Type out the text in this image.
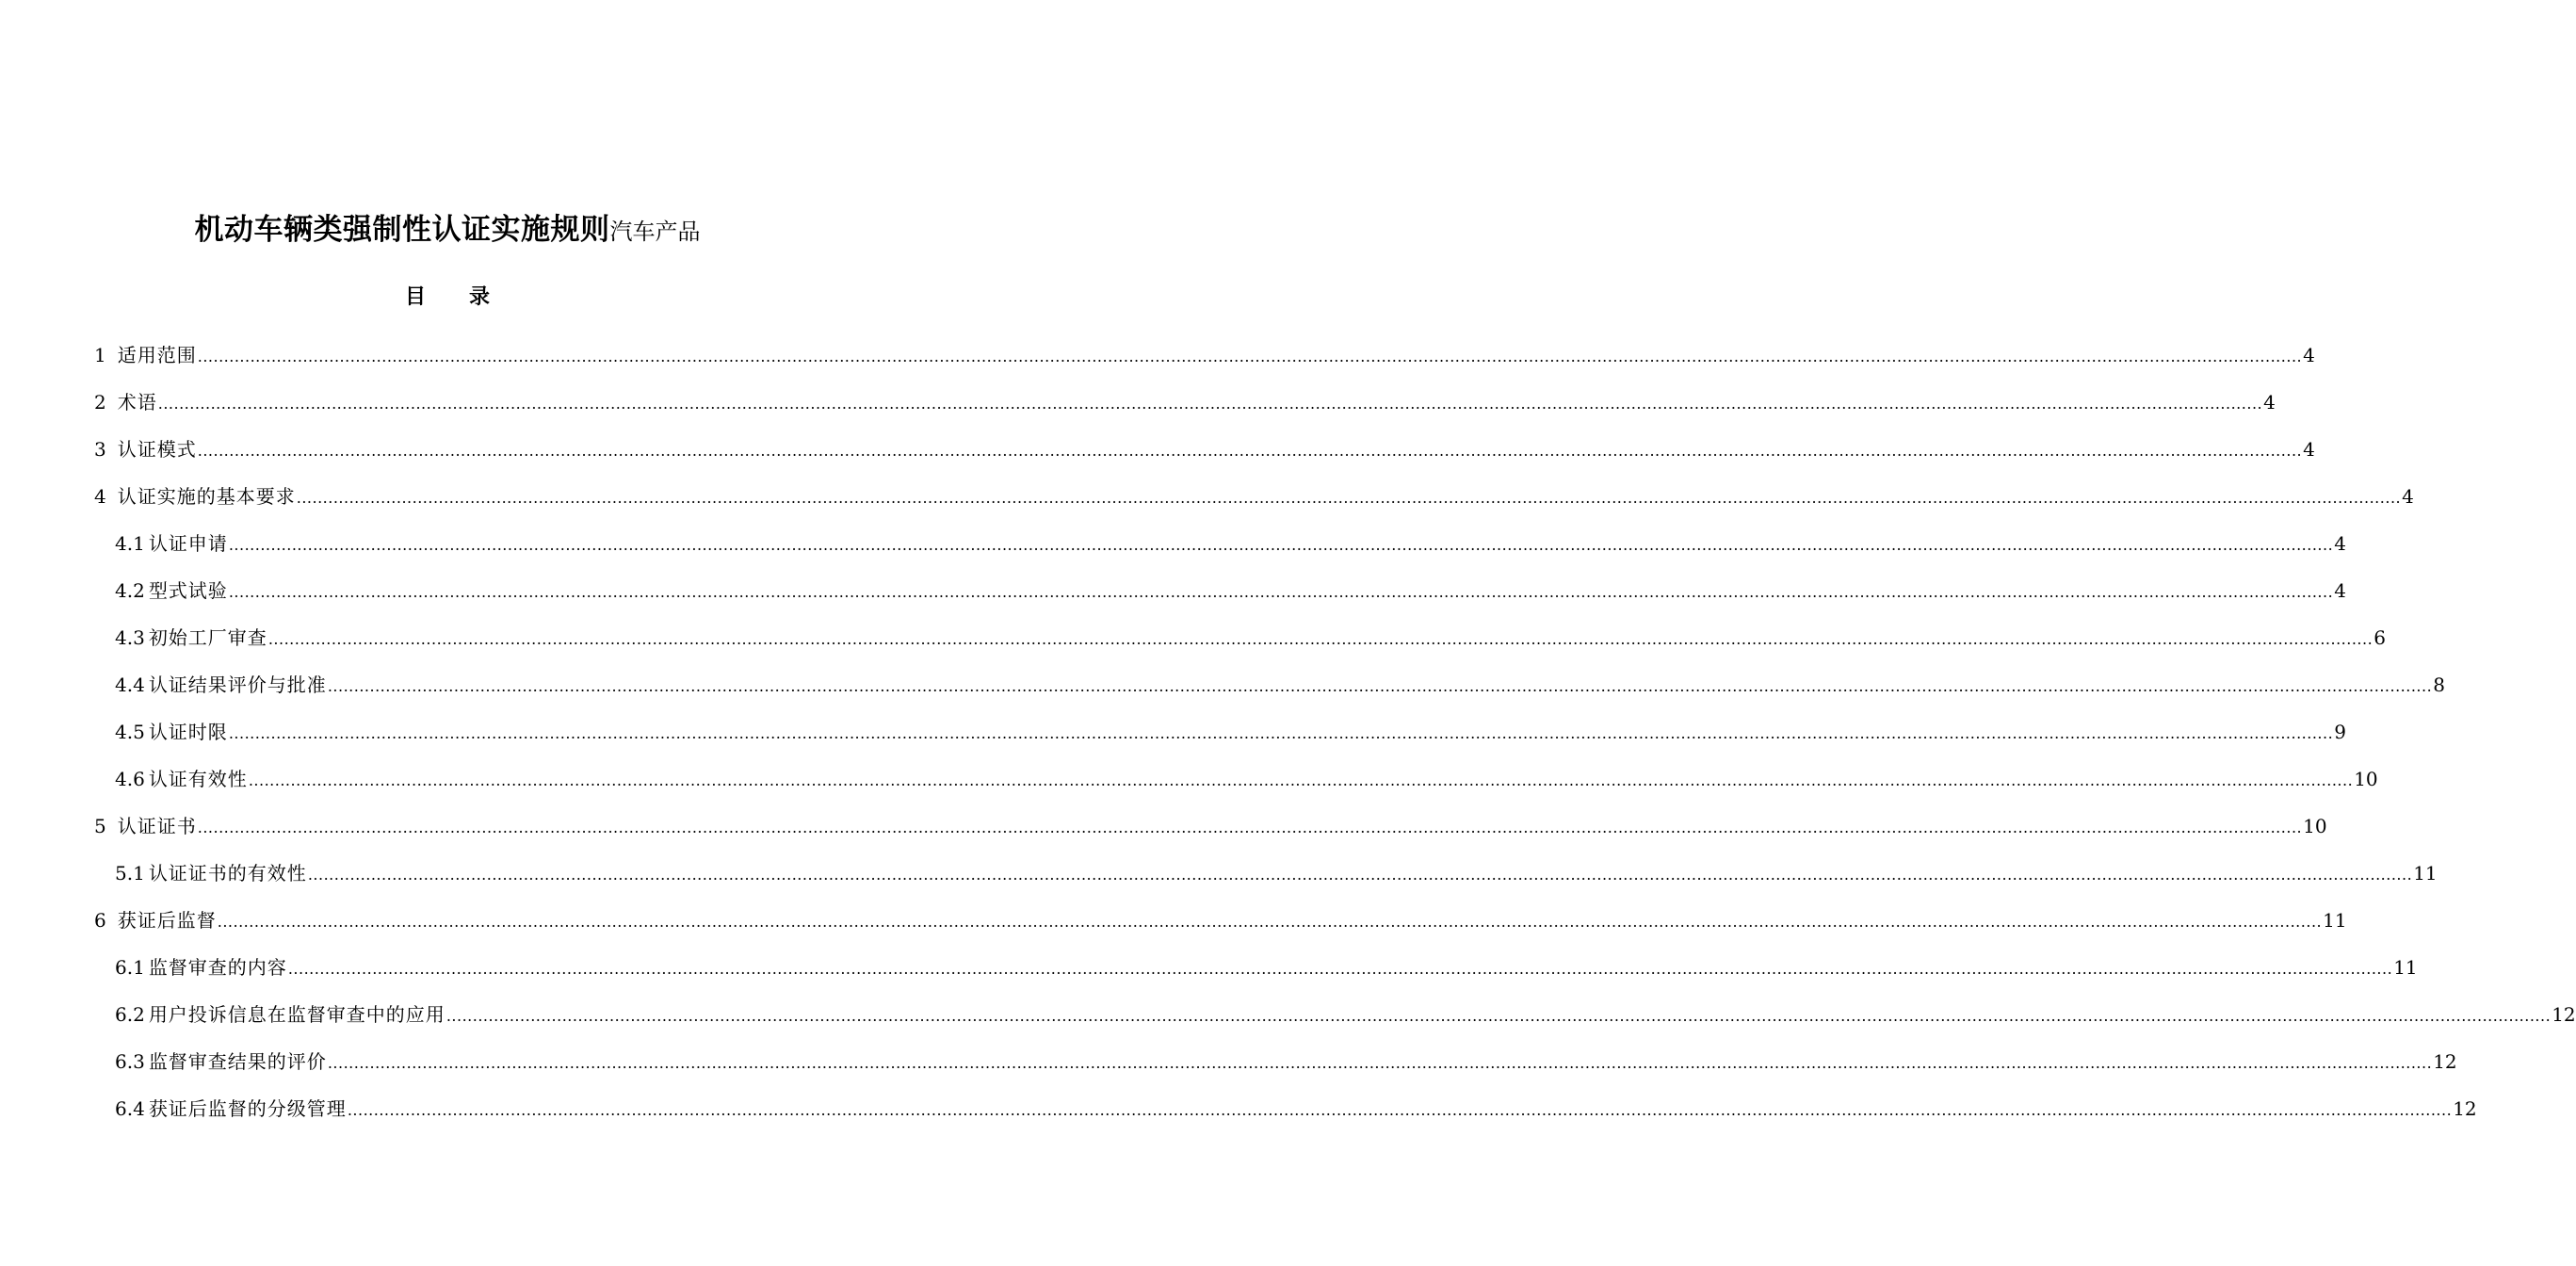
机动车辆类强制性认证实施规则汽车产品
目 录
1 适用范围 ................................................................................................................................................................................................................................................................................................................................................................................................................ 4
2 术语 ................................................................................................................................................................................................................................................................................................................................................................................................................ 4
3 认证模式 ................................................................................................................................................................................................................................................................................................................................................................................................................ 4
4 认证实施的基本要求 ................................................................................................................................................................................................................................................................................................................................................................................................................ 4
4.1 认证申请 ................................................................................................................................................................................................................................................................................................................................................................................................................ 4
4.2 型式试验 ................................................................................................................................................................................................................................................................................................................................................................................................................ 4
4.3 初始工厂审查 ................................................................................................................................................................................................................................................................................................................................................................................................................ 6
4.4 认证结果评价与批准 ................................................................................................................................................................................................................................................................................................................................................................................................................ 8
4.5 认证时限 ................................................................................................................................................................................................................................................................................................................................................................................................................ 9
4.6 认证有效性 ................................................................................................................................................................................................................................................................................................................................................................................................................ 10
5 认证证书 ................................................................................................................................................................................................................................................................................................................................................................................................................ 10
5.1 认证证书的有效性 ................................................................................................................................................................................................................................................................................................................................................................................................................ 11
6 获证后监督 ................................................................................................................................................................................................................................................................................................................................................................................................................ 11
6.1 监督审查的内容 ................................................................................................................................................................................................................................................................................................................................................................................................................ 11
6.2 用户投诉信息在监督审查中的应用 ................................................................................................................................................................................................................................................................................................................................................................................................................ 12
6.3 监督审查结果的评价 ................................................................................................................................................................................................................................................................................................................................................................................................................ 12
6.4 获证后监督的分级管理 ................................................................................................................................................................................................................................................................................................................................................................................................................ 12
